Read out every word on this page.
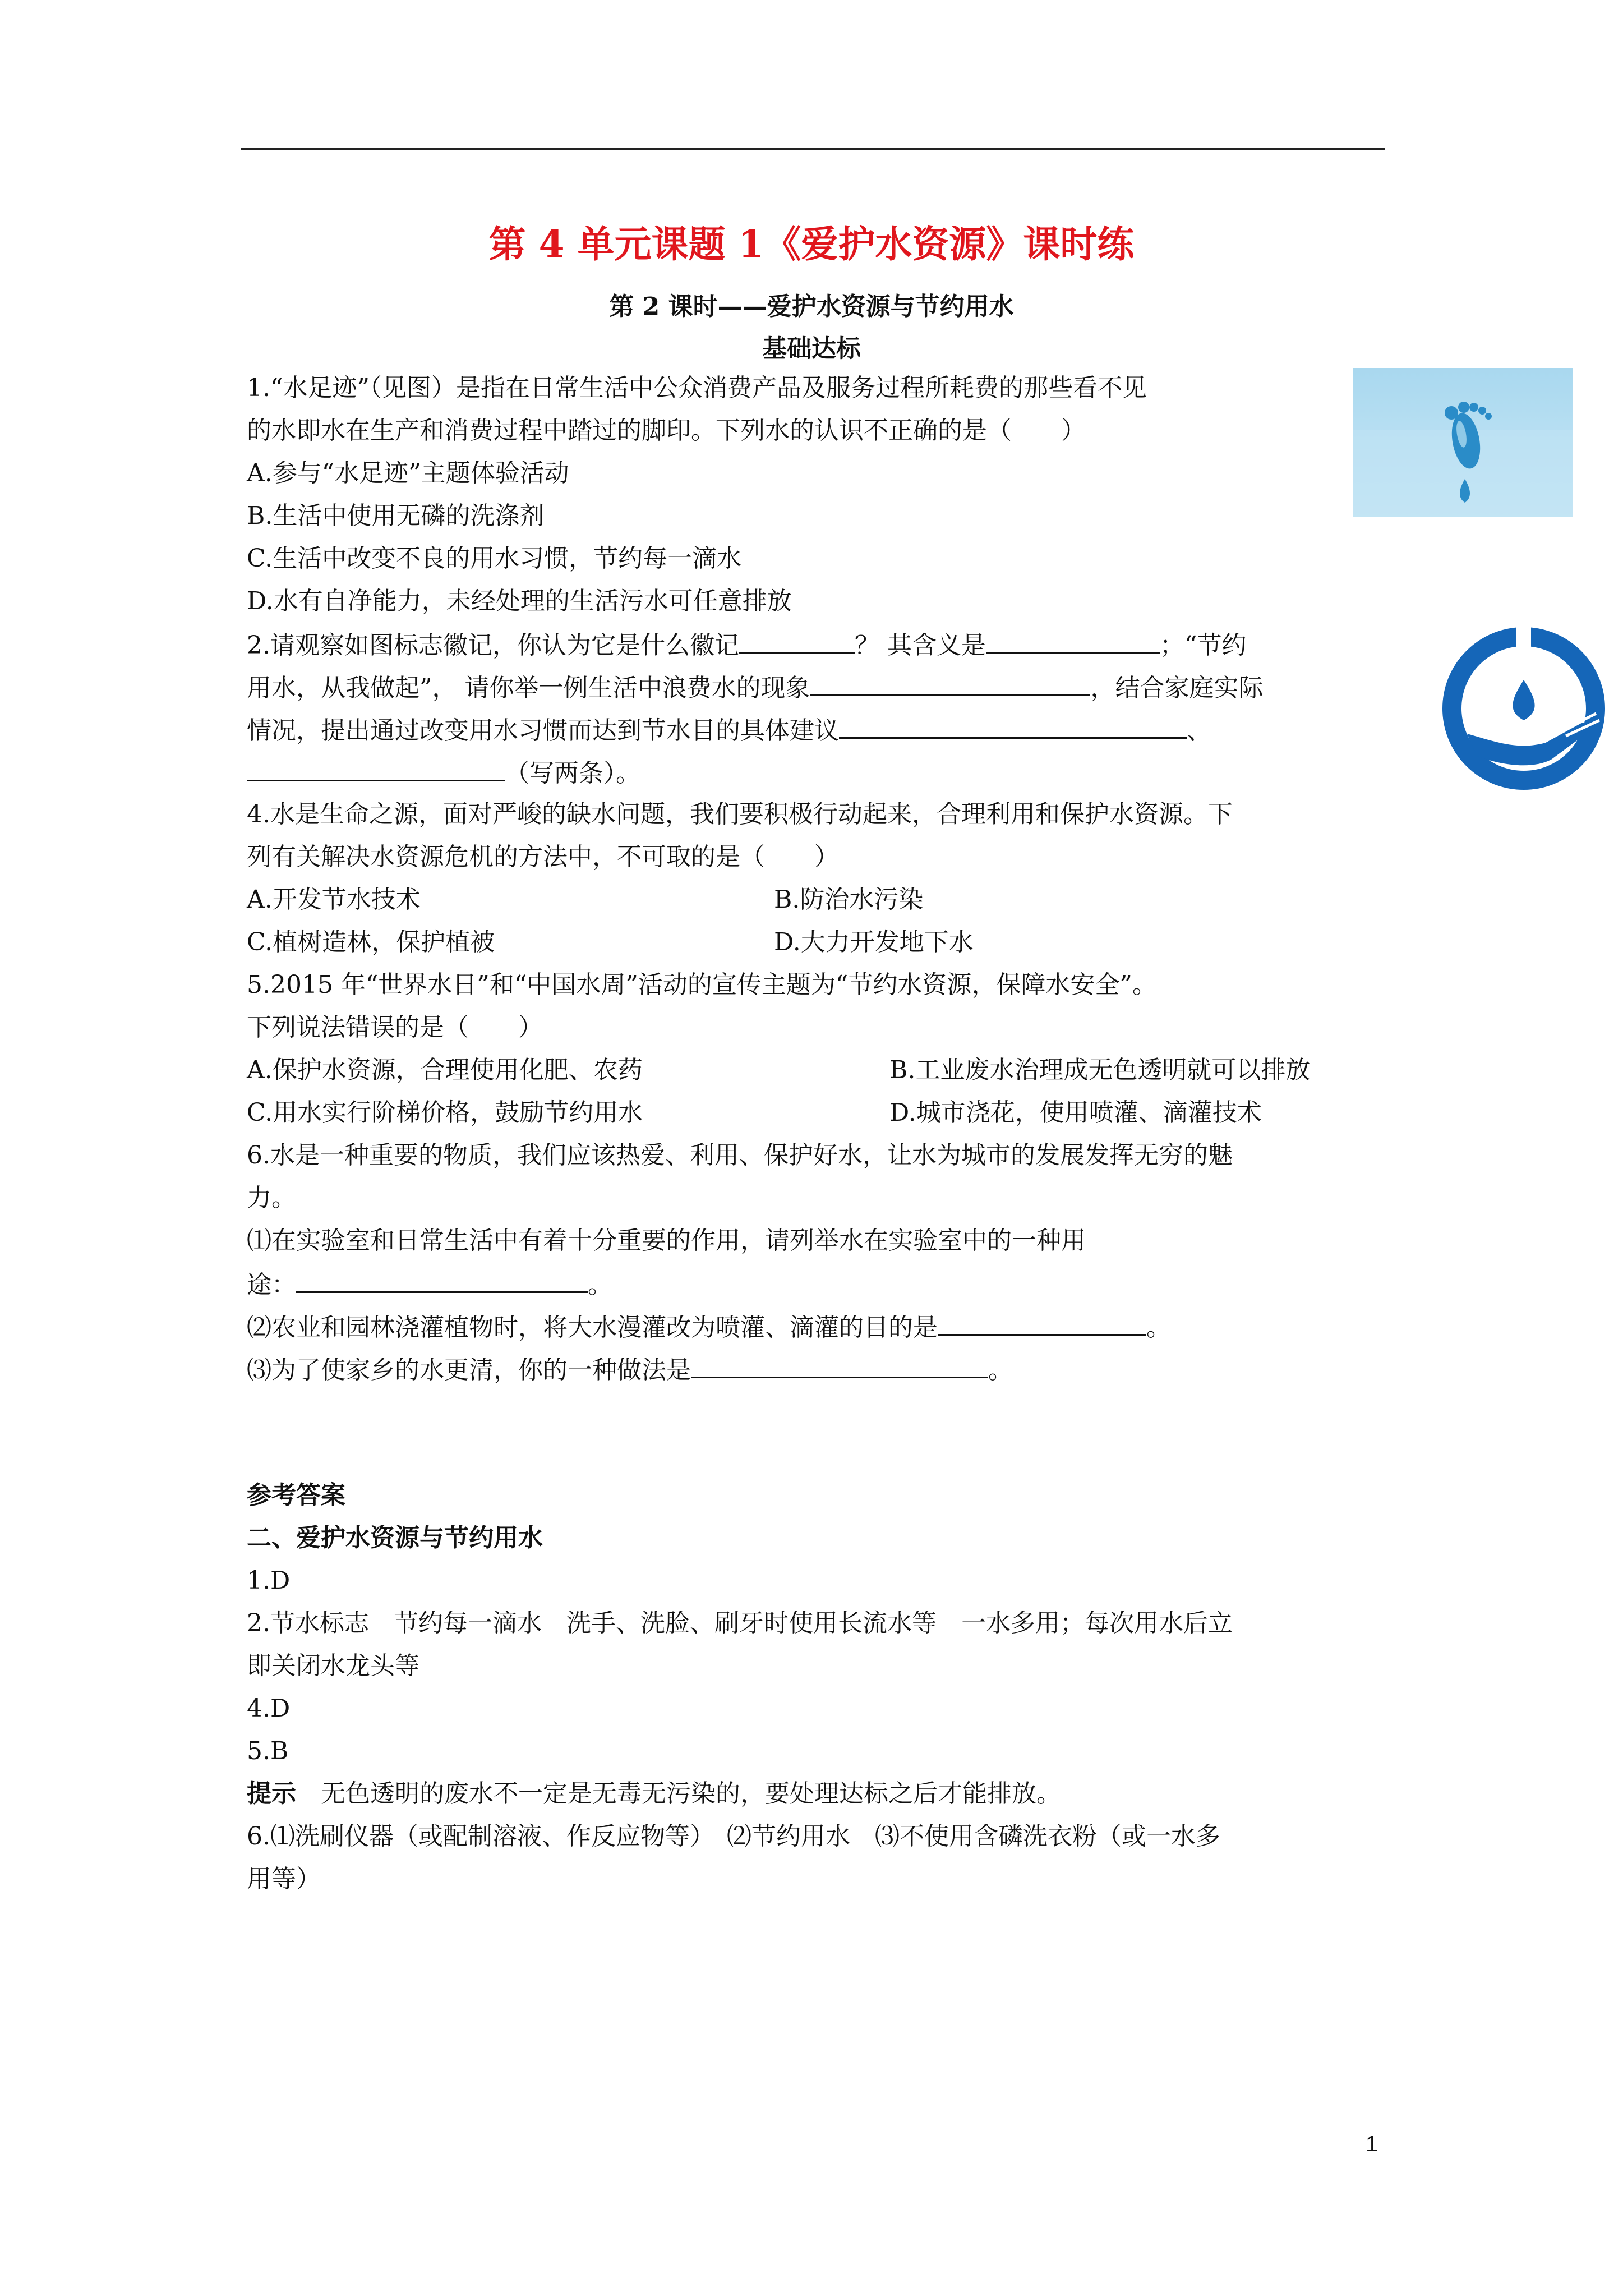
第 4 单元课题 1《爱护水资源》课时练
第 2 课时——爱护水资源与节约用水
基础达标
1.“水足迹”（见图）是指在日常生活中公众消费产品及服务过程所耗费的那些看不见
的水即水在生产和消费过程中踏过的脚印。下列水的认识不正确的是（　　）
A.参与“水足迹”主题体验活动
B.生活中使用无磷的洗涤剂
C.生活中改变不良的用水习惯，节约每一滴水
D.水有自净能力，未经处理的生活污水可任意排放
2.请观察如图标志徽记，你认为它是什么徽记	？ 其含义是	；“节约
用水，从我做起”， 请你举一例生活中浪费水的现象	，结合家庭实际
情况，提出通过改变用水习惯而达到节水目的具体建议	、
（写两条）。
4.水是生命之源，面对严峻的缺水问题，我们要积极行动起来，合理利用和保护水资源。下
列有关解决水资源危机的方法中，不可取的是（　　）
A.开发节水技术	B.防治水污染
C.植树造林，保护植被	D.大力开发地下水
5.2015 年“世界水日”和“中国水周”活动的宣传主题为“节约水资源，保障水安全”。
下列说法错误的是（　　）
A.保护水资源，合理使用化肥、农药	B.工业废水治理成无色透明就可以排放
C.用水实行阶梯价格，鼓励节约用水	D.城市浇花，使用喷灌、滴灌技术
6.水是一种重要的物质，我们应该热爱、利用、保护好水，让水为城市的发展发挥无穷的魅
力。
⑴在实验室和日常生活中有着十分重要的作用，请列举水在实验室中的一种用
途：	。
⑵农业和园林浇灌植物时，将大水漫灌改为喷灌、滴灌的目的是	。
⑶为了使家乡的水更清，你的一种做法是	。
参考答案
二、爱护水资源与节约用水
1.D
2.节水标志　节约每一滴水　洗手、洗脸、刷牙时使用长流水等　一水多用；每次用水后立
即关闭水龙头等
4.D
5.B
提示　无色透明的废水不一定是无毒无污染的，要处理达标之后才能排放。
6.⑴洗刷仪器（或配制溶液、作反应物等）　⑵节约用水　⑶不使用含磷洗衣粉（或一水多
用等）
1
